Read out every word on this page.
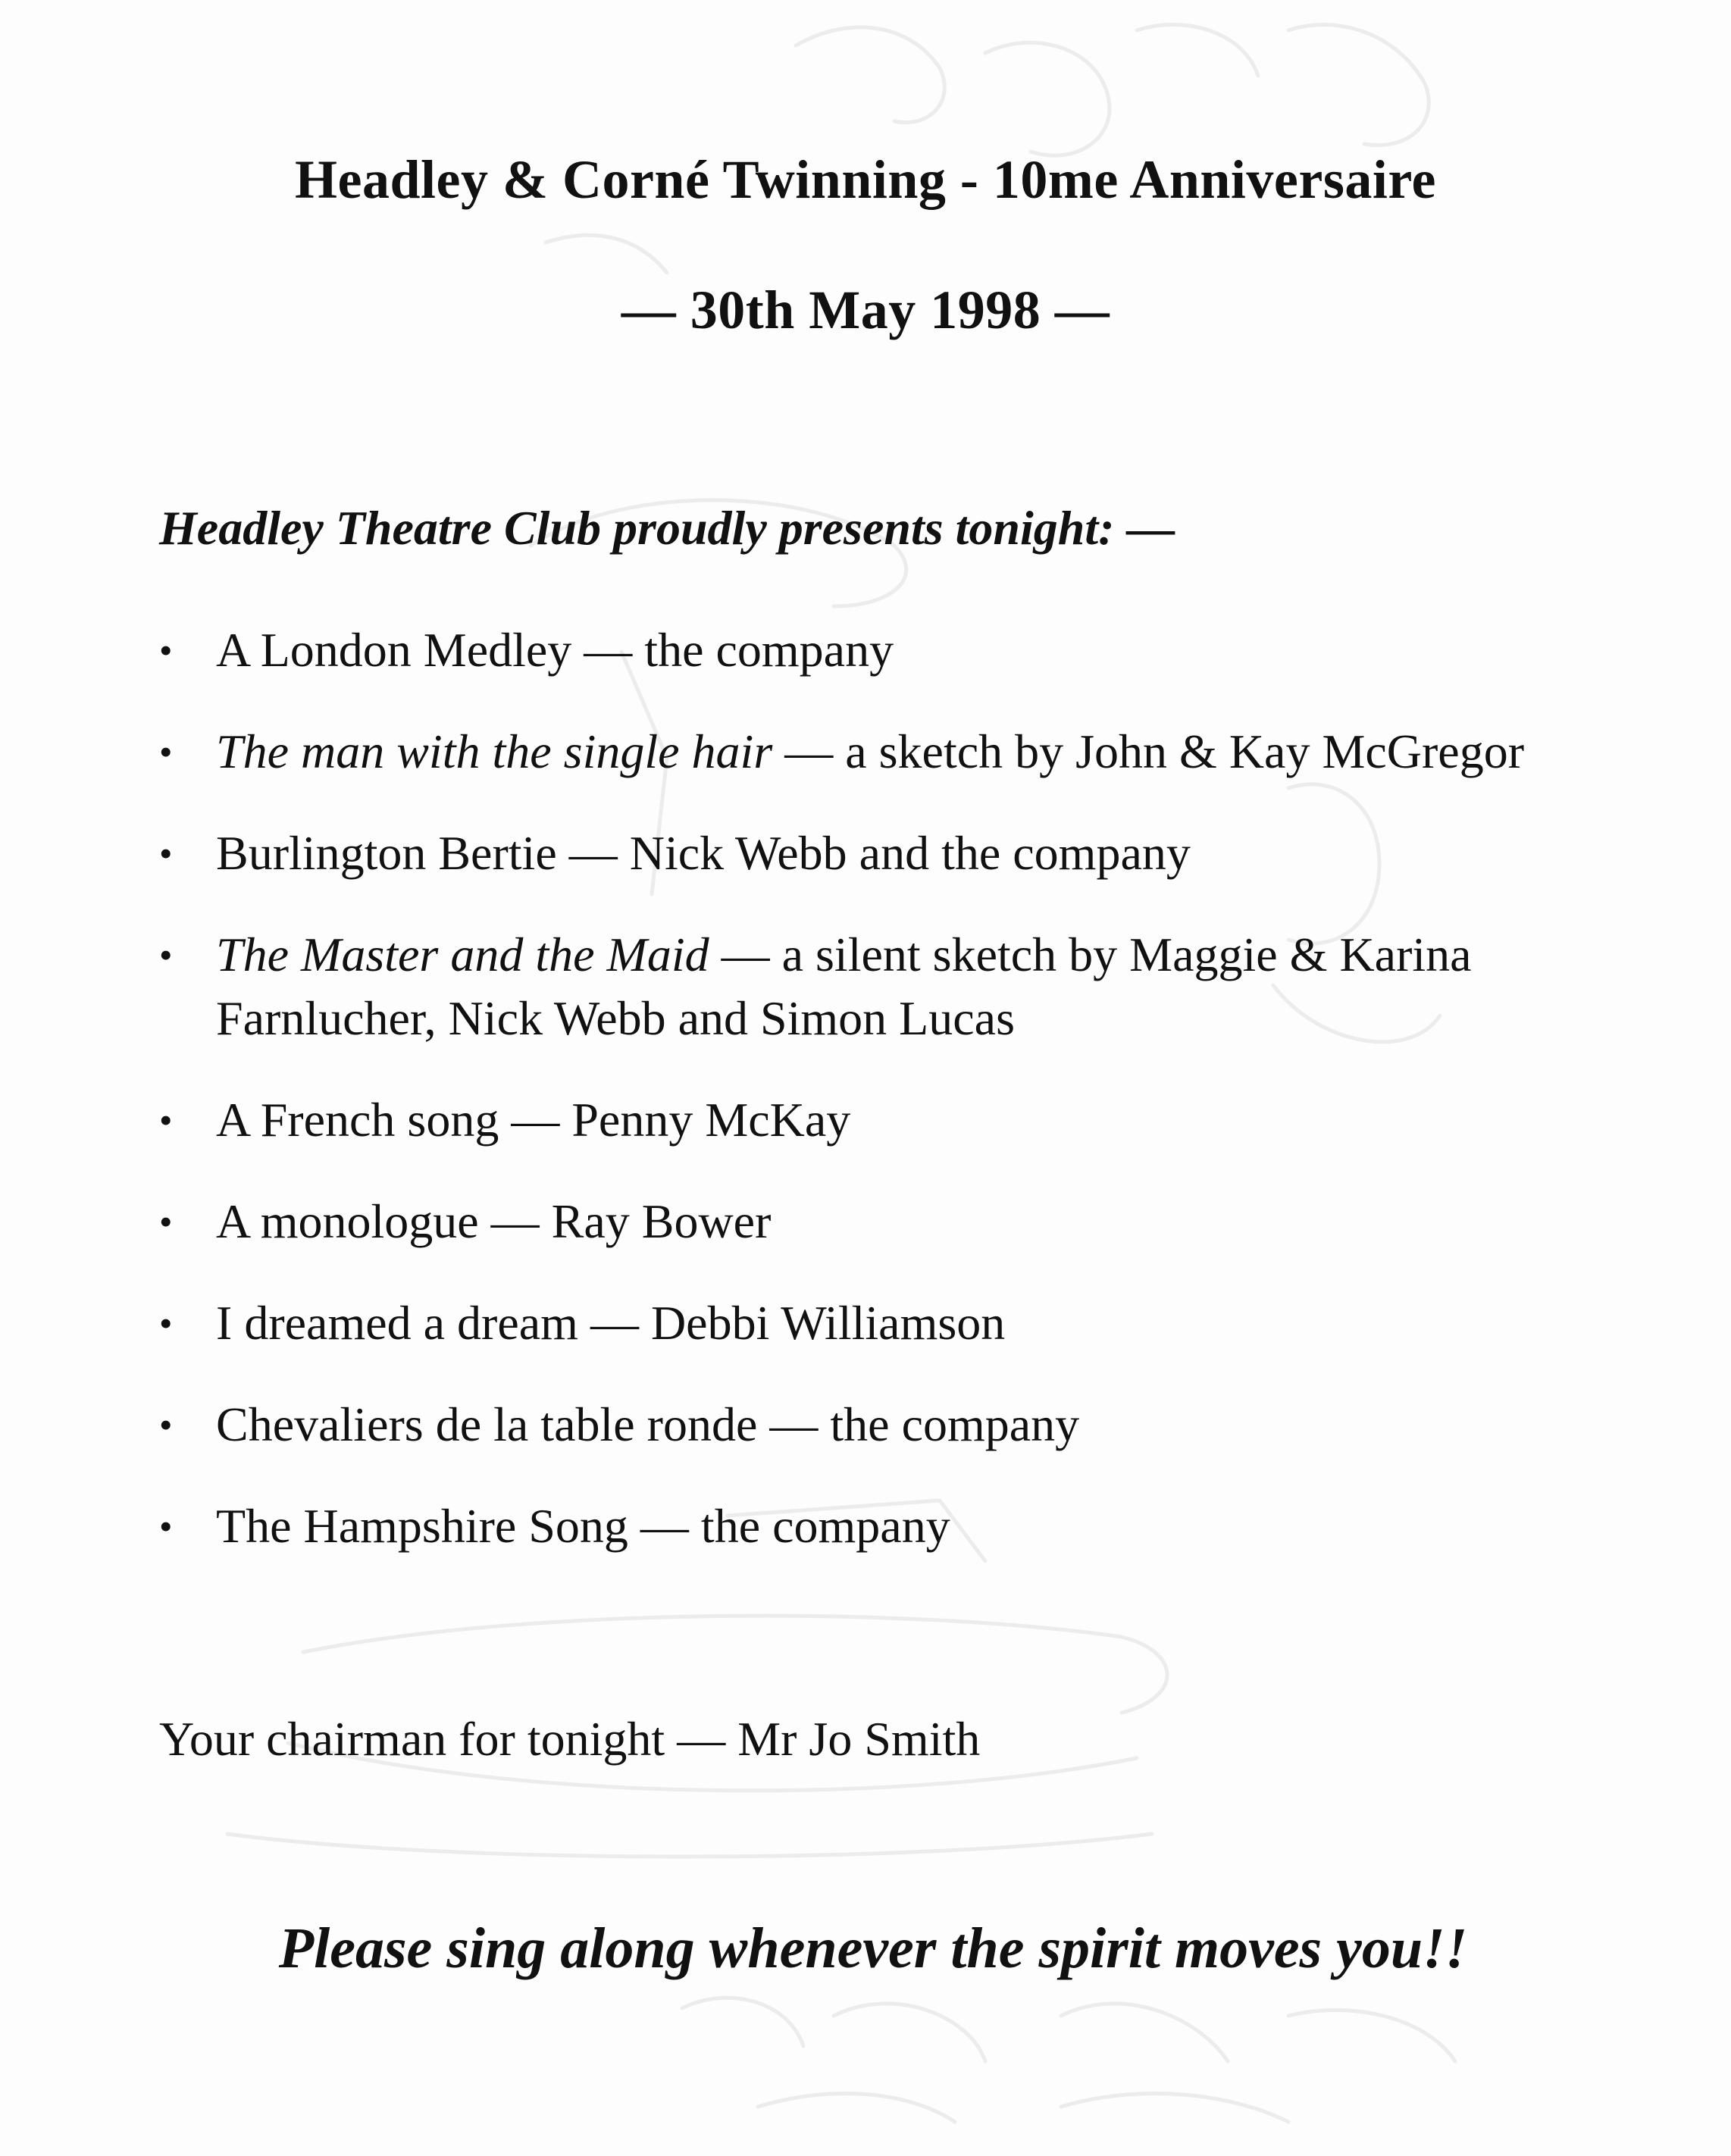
Headley & Corné Twinning - 10me Anniversaire
— 30th May 1998 —
Headley Theatre Club proudly presents tonight: —
• A London Medley — the company
• The man with the single hair — a sketch by John & Kay McGregor
• Burlington Bertie — Nick Webb and the company
• The Master and the Maid — a silent sketch by Maggie & Karina Farnlucher, Nick Webb and Simon Lucas
• A French song — Penny McKay
• A monologue — Ray Bower
• I dreamed a dream — Debbi Williamson
• Chevaliers de la table ronde — the company
• The Hampshire Song — the company
Your chairman for tonight — Mr Jo Smith
Please sing along whenever the spirit moves you!!
